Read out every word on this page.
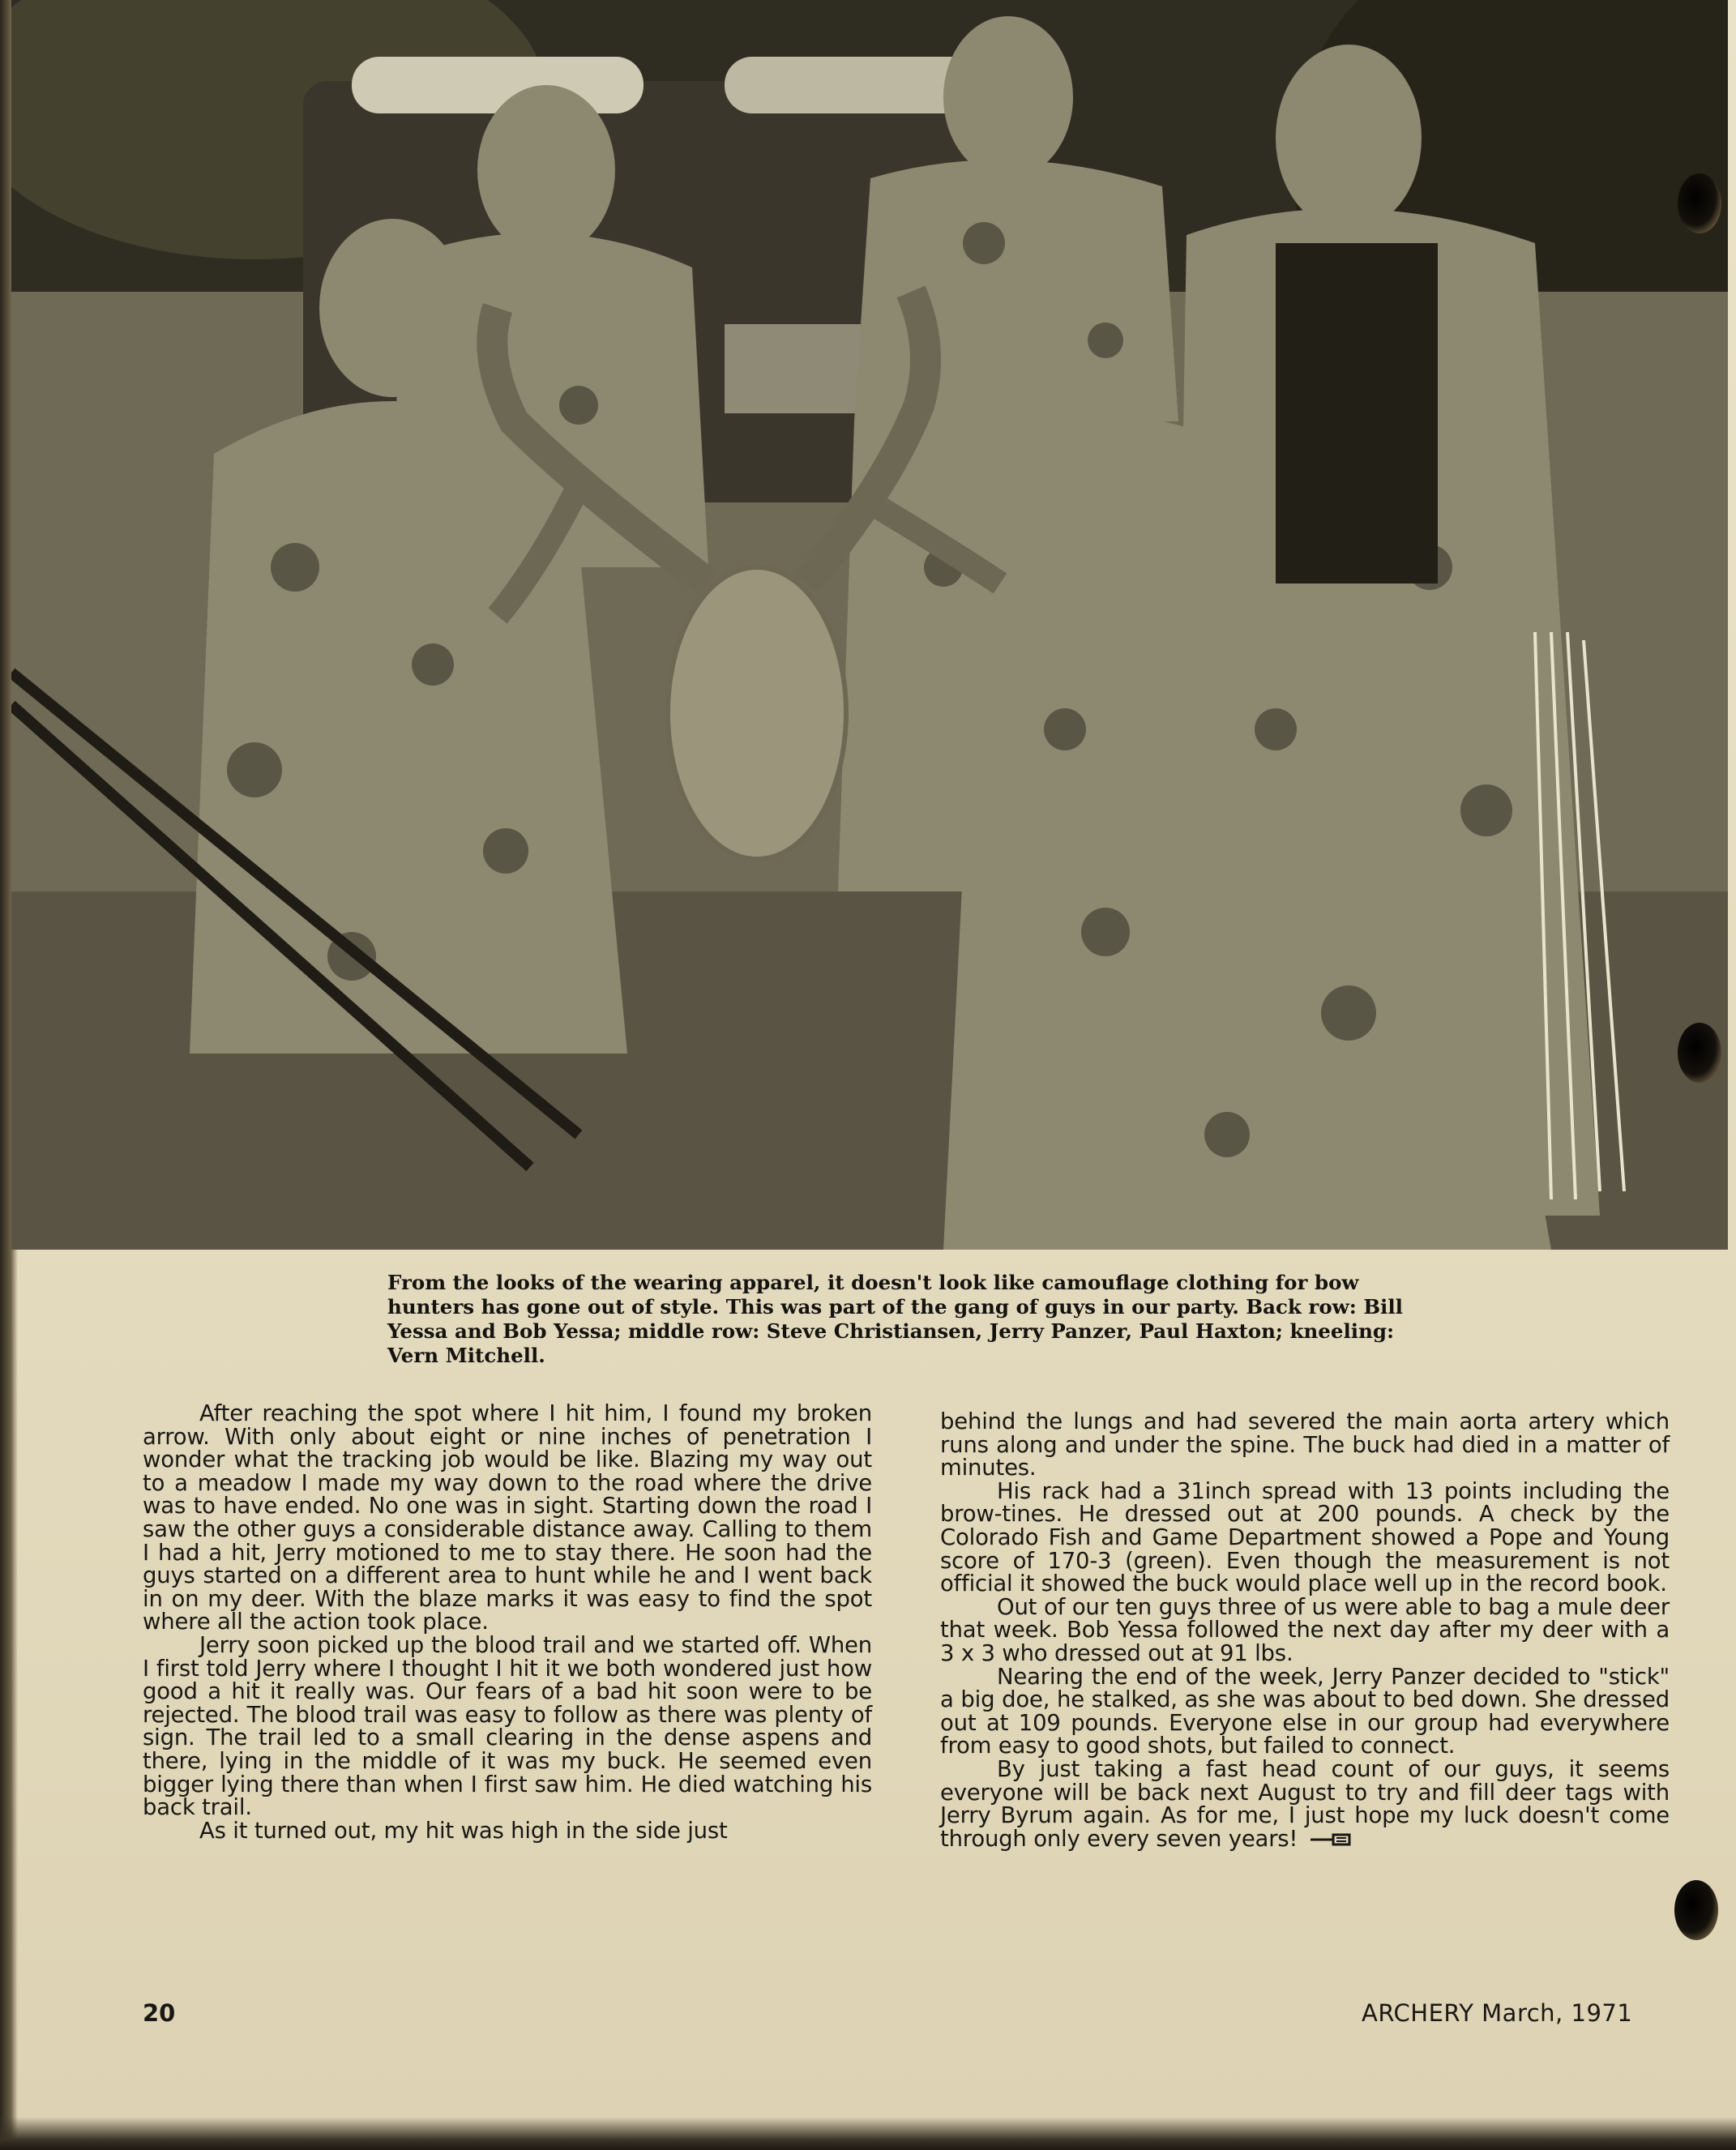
From the looks of the wearing apparel, it doesn't look like camouflage clothing for bow hunters has gone out of style. This was part of the gang of guys in our party. Back row: Bill Yessa and Bob Yessa; middle row: Steve Christiansen, Jerry Panzer, Paul Haxton; kneeling: Vern Mitchell.

After reaching the spot where I hit him, I found my broken arrow. With only about eight or nine inches of penetration I wonder what the tracking job would be like. Blazing my way out to a meadow I made my way down to the road where the drive was to have ended. No one was in sight. Starting down the road I saw the other guys a considerable distance away. Calling to them I had a hit, Jerry motioned to me to stay there. He soon had the guys started on a different area to hunt while he and I went back in on my deer. With the blaze marks it was easy to find the spot where all the action took place.

Jerry soon picked up the blood trail and we started off. When I first told Jerry where I thought I hit it we both wondered just how good a hit it really was. Our fears of a bad hit soon were to be rejected. The blood trail was easy to follow as there was plenty of sign. The trail led to a small clearing in the dense aspens and there, lying in the middle of it was my buck. He seemed even bigger lying there than when I first saw him. He died watching his back trail.

As it turned out, my hit was high in the side just

behind the lungs and had severed the main aorta artery which runs along and under the spine. The buck had died in a matter of minutes.

His rack had a 31inch spread with 13 points including the brow-tines. He dressed out at 200 pounds. A check by the Colorado Fish and Game Department showed a Pope and Young score of 170-3 (green). Even though the measurement is not official it showed the buck would place well up in the record book.

Out of our ten guys three of us were able to bag a mule deer that week. Bob Yessa followed the next day after my deer with a 3 x 3 who dressed out at 91 lbs.

Nearing the end of the week, Jerry Panzer decided to "stick" a big doe, he stalked, as she was about to bed down. She dressed out at 109 pounds. Everyone else in our group had everywhere from easy to good shots, but failed to connect.

By just taking a fast head count of our guys, it seems everyone will be back next August to try and fill deer tags with Jerry Byrum again. As for me, I just hope my luck doesn't come through only every seven years!

20	ARCHERY March, 1971
